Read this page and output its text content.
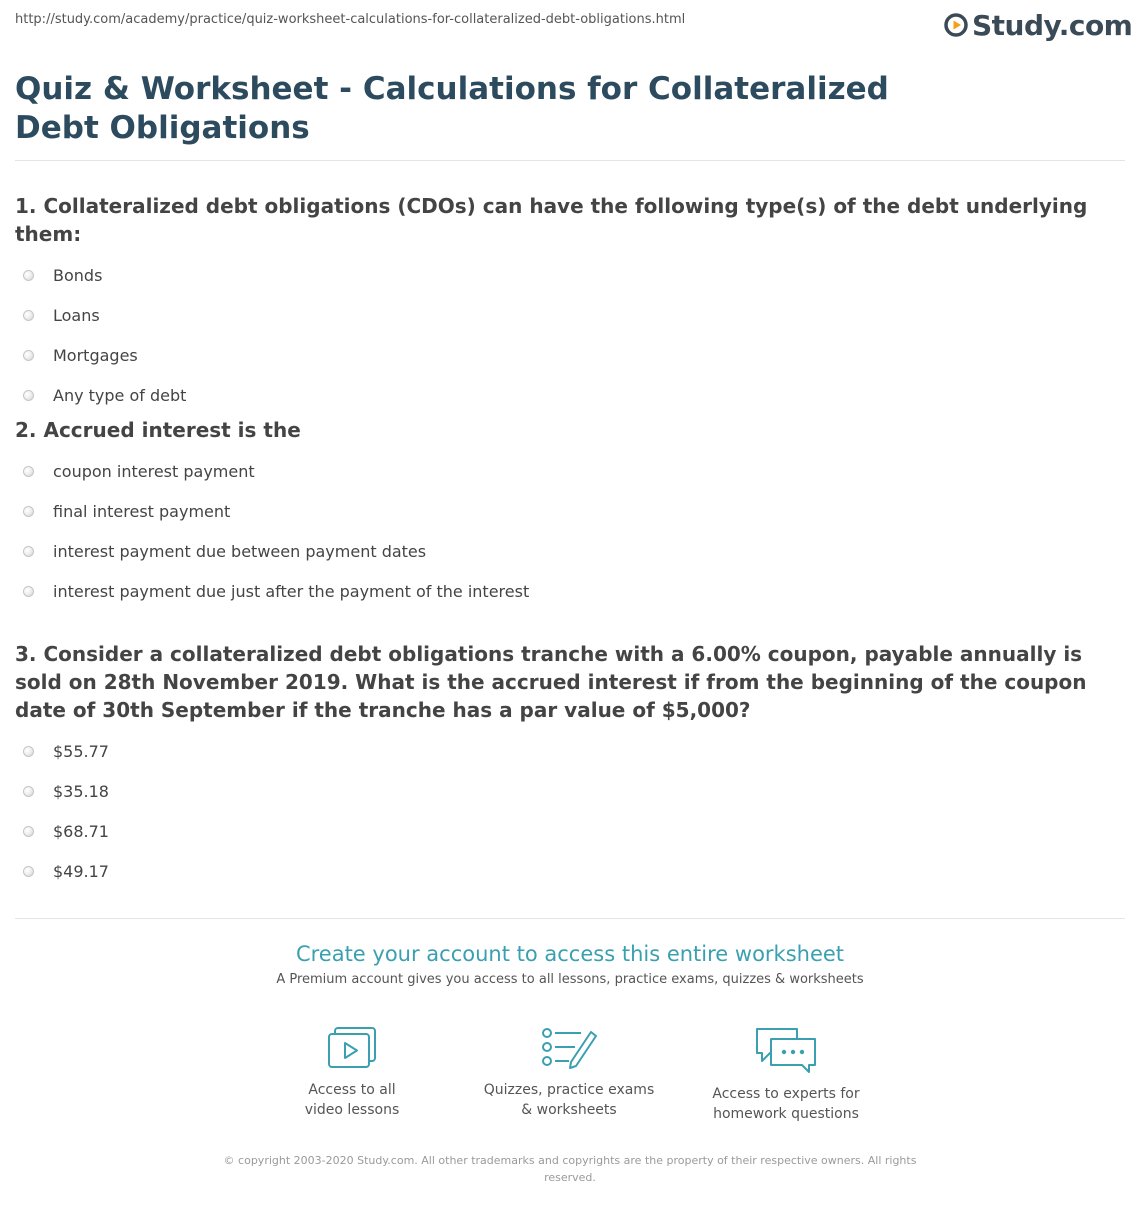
http://study.com/academy/practice/quiz-worksheet-calculations-for-collateralized-debt-obligations.html	Study.com
Quiz & Worksheet - Calculations for Collateralized Debt Obligations

1. Collateralized debt obligations (CDOs) can have the following type(s) of the debt underlying them:

Bonds
Loans
Mortgages
Any type of debt

2. Accrued interest is the

coupon interest payment
final interest payment
interest payment due between payment dates
interest payment due just after the payment of the interest

3. Consider a collateralized debt obligations tranche with a 6.00% coupon, payable annually is sold on 28th November 2019. What is the accrued interest if from the beginning of the coupon date of 30th September if the tranche has a par value of $5,000?

$55.77
$35.18
$68.71
$49.17
Create your account to access this entire worksheet
A Premium account gives you access to all lessons, practice exams, quizzes & worksheets
Access to all
video lessons
Quizzes, practice exams
& worksheets
Access to experts for
homework questions
© copyright 2003-2020 Study.com. All other trademarks and copyrights are the property of their respective owners. All rights reserved.
